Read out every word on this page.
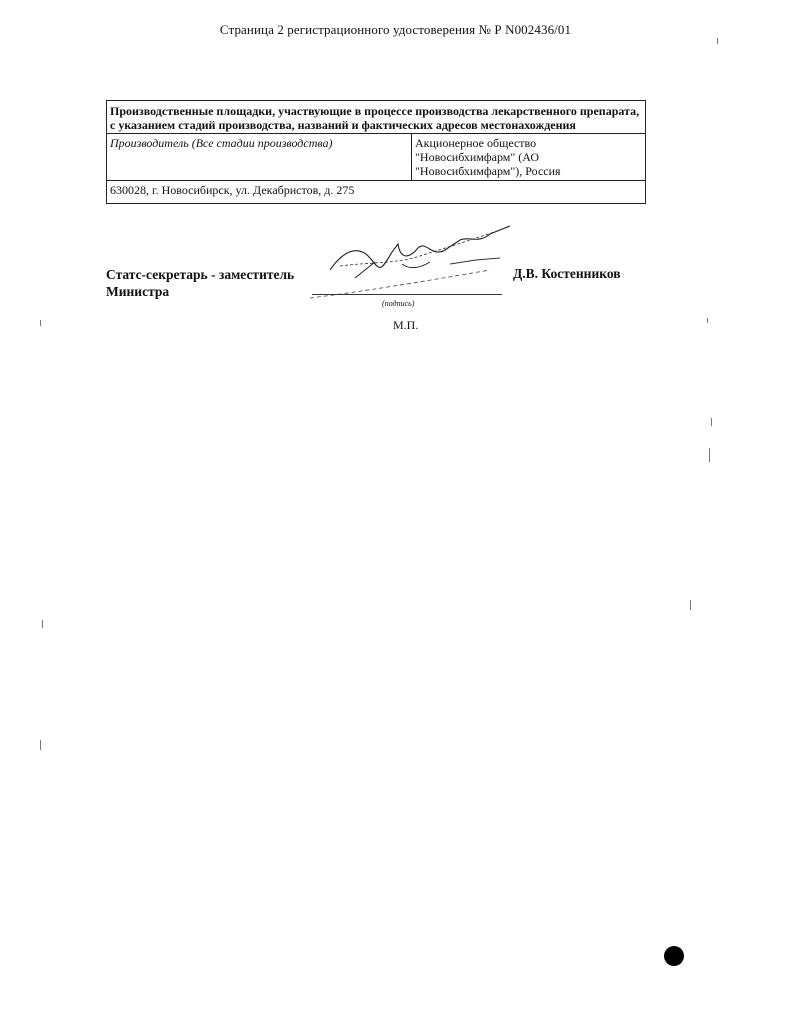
Страница 2 регистрационного удостоверения № Р N002436/01
Производственные площадки, участвующие в процессе производства лекарственного препарата, с указанием стадий производства, названий и фактических адресов местонахождения
Производитель (Все стадии производства)	Акционерное общество
"Новосибхимфарм" (АО
"Новосибхимфарм"), Россия

630028, г. Новосибирск, ул. Декабристов, д. 275
Статс-секретарь - заместитель
Министра
(подпись)
Д.В. Костенников
М.П.
